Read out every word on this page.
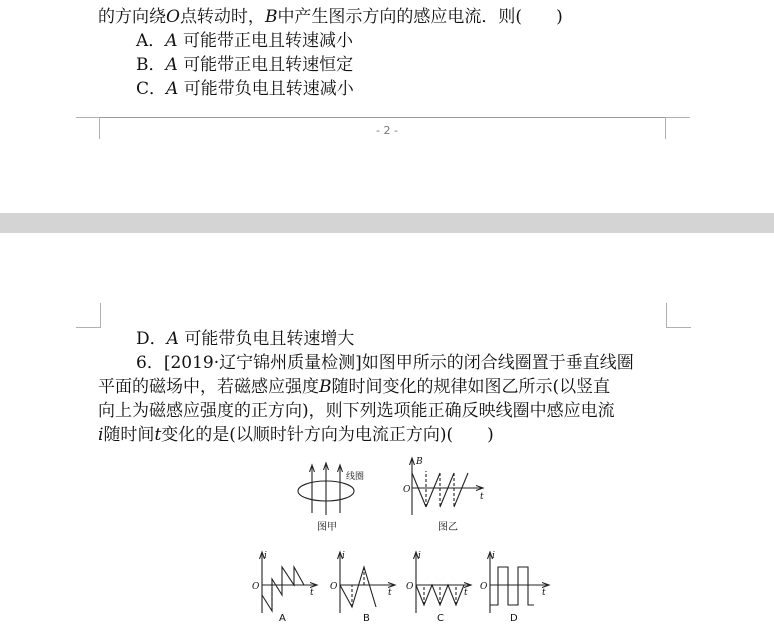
的方向绕O点转动时，B中产生图示方向的感应电流．则(　　)
A．A 可能带正电且转速减小
B．A 可能带正电且转速恒定
C．A 可能带负电且转速减小
- 2 -
D．A 可能带负电且转速增大
6．[2019·辽宁锦州质量检测]如图甲所示的闭合线圈置于垂直线圈
平面的磁场中，若磁感应强度B随时间变化的规律如图乙所示(以竖直
向上为磁感应强度的正方向)，则下列选项能正确反映线圈中感应电流
i随时间t变化的是(以顺时针方向为电流正方向)(　　)
线圈
图甲
B
O
t
图乙
i
O
t
A
i
O
t
B
i
O
t
C
i
O
t
D
